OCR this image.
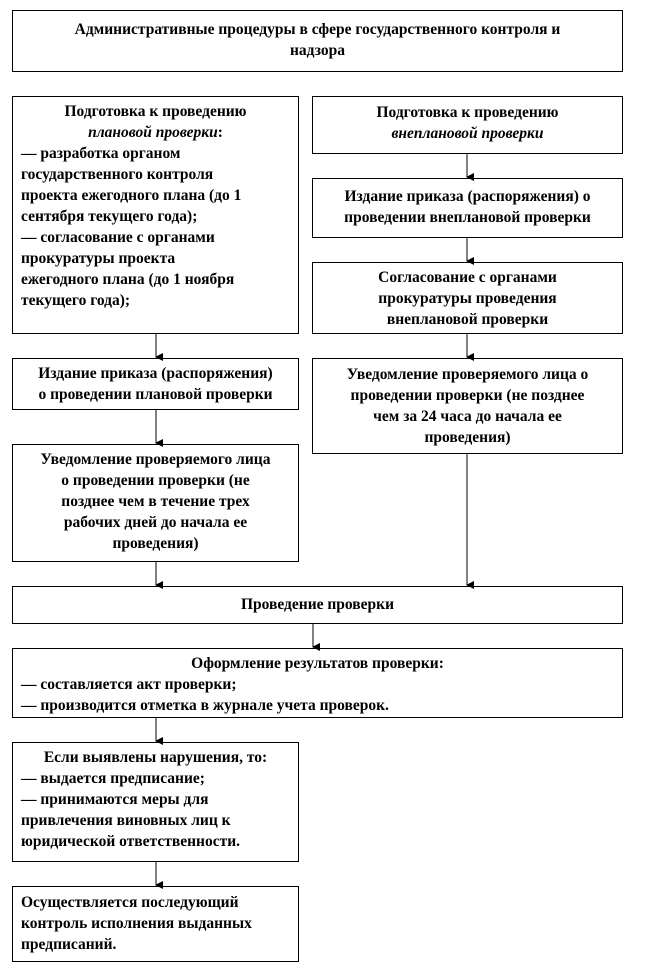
Административные процедуры в сфере государственного контроля и
надзора
Подготовка к проведению
плановой проверки:
— разработка органом
государственного контроля
проекта ежегодного плана (до 1
сентября текущего года);
— согласование с органами
прокуратуры проекта
ежегодного плана (до 1 ноября
текущего года);
Издание приказа (распоряжения)
о проведении плановой проверки
Уведомление проверяемого лица
о проведении проверки (не
позднее чем в течение трех
рабочих дней до начала ее
проведения)
Подготовка к проведению
внеплановой проверки
Издание приказа (распоряжения) о
проведении внеплановой проверки
Согласование с органами
прокуратуры проведения
внеплановой проверки
Уведомление проверяемого лица о
проведении проверки (не позднее
чем за 24 часа до начала ее
проведения)
Проведение проверки
Оформление результатов проверки:
— составляется акт проверки;
— производится отметка в журнале учета проверок.
Если выявлены нарушения, то:
— выдается предписание;
— принимаются меры для
привлечения виновных лиц к
юридической ответственности.
Осуществляется последующий
контроль исполнения выданных
предписаний.
